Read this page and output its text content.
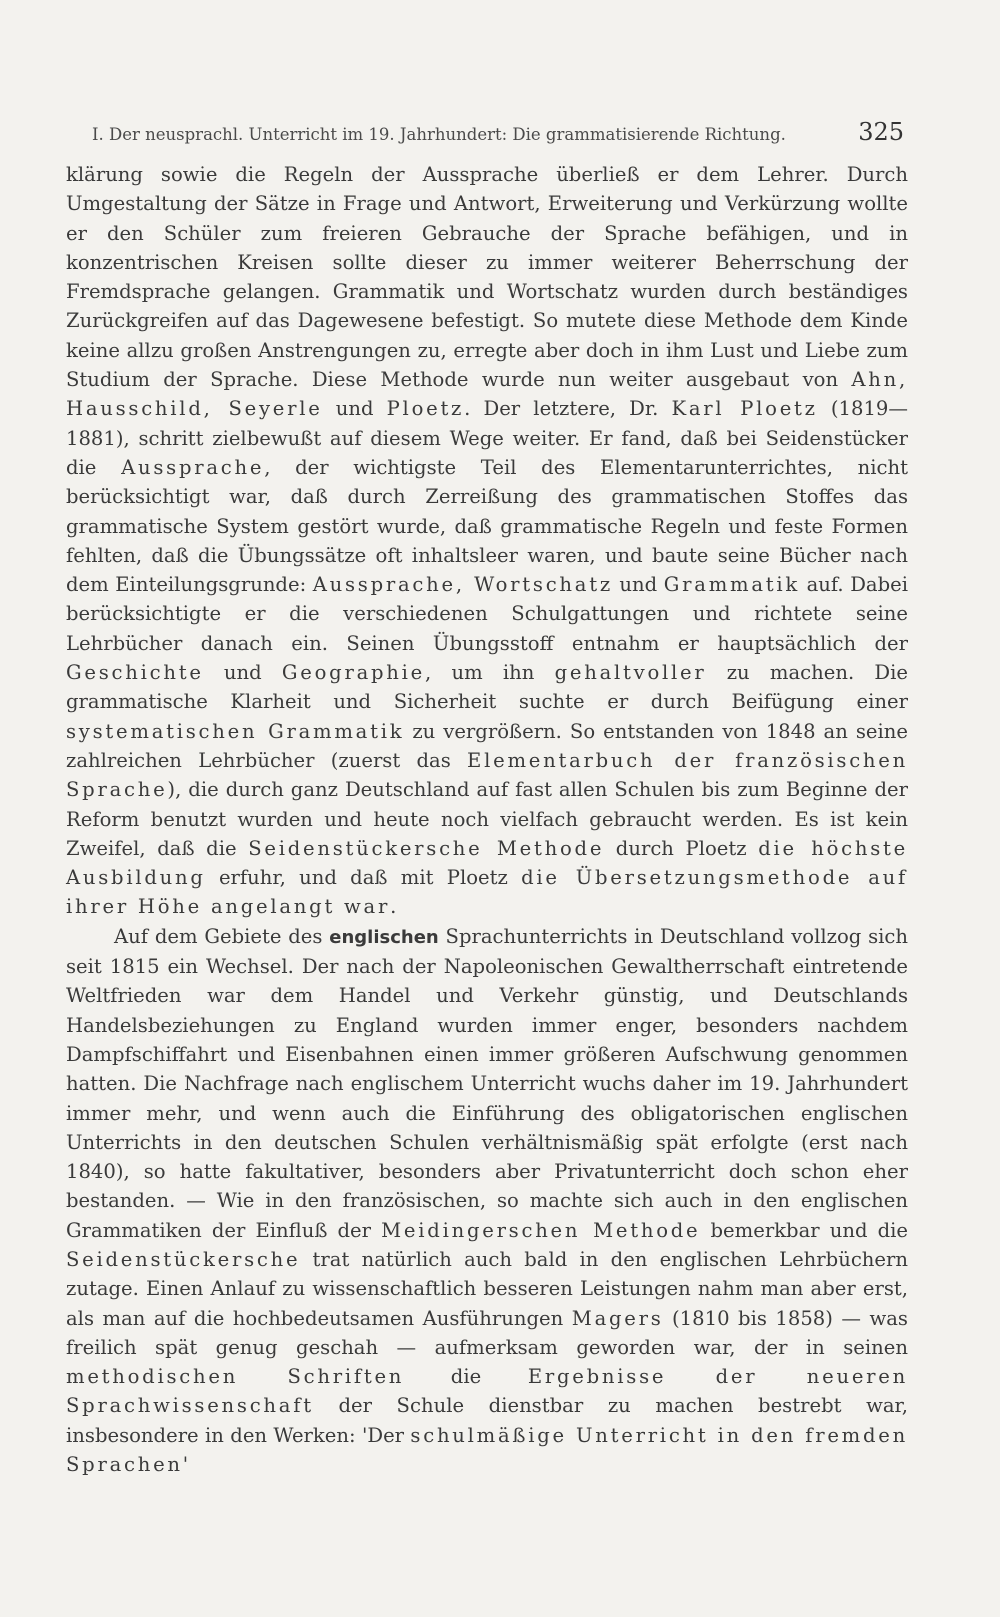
I. Der neusprachl. Unterricht im 19. Jahrhundert: Die grammatisierende Richtung.	325

klärung sowie die Regeln der Aussprache überließ er dem Lehrer. Durch Umgestaltung der Sätze in Frage und Antwort, Erweiterung und Verkürzung wollte er den Schüler zum freieren Gebrauche der Sprache befähigen, und in konzentrischen Kreisen sollte dieser zu immer weiterer Beherrschung der Fremdsprache gelangen. Grammatik und Wortschatz wurden durch beständiges Zurückgreifen auf das Dagewesene befestigt. So mutete diese Methode dem Kinde keine allzu großen Anstrengungen zu, erregte aber doch in ihm Lust und Liebe zum Studium der Sprache. Diese Methode wurde nun weiter ausgebaut von Ahn, Hausschild, Seyerle und Ploetz. Der letztere, Dr. Karl Ploetz (1819—1881), schritt zielbewußt auf diesem Wege weiter. Er fand, daß bei Seidenstücker die Aussprache, der wichtigste Teil des Elementarunterrichtes, nicht berücksichtigt war, daß durch Zerreißung des grammatischen Stoffes das grammatische System gestört wurde, daß grammatische Regeln und feste Formen fehlten, daß die Übungssätze oft inhaltsleer waren, und baute seine Bücher nach dem Einteilungsgrunde: Aussprache, Wortschatz und Grammatik auf. Dabei berücksichtigte er die verschiedenen Schulgattungen und richtete seine Lehrbücher danach ein. Seinen Übungsstoff entnahm er hauptsächlich der Geschichte und Geographie, um ihn gehaltvoller zu machen. Die grammatische Klarheit und Sicherheit suchte er durch Beifügung einer systematischen Grammatik zu vergrößern. So entstanden von 1848 an seine zahlreichen Lehrbücher (zuerst das Elementarbuch der französischen Sprache), die durch ganz Deutschland auf fast allen Schulen bis zum Beginne der Reform benutzt wurden und heute noch vielfach gebraucht werden. Es ist kein Zweifel, daß die Seidenstückersche Methode durch Ploetz die höchste Ausbildung erfuhr, und daß mit Ploetz die Übersetzungsmethode auf ihrer Höhe angelangt war.

Auf dem Gebiete des englischen Sprachunterrichts in Deutschland vollzog sich seit 1815 ein Wechsel. Der nach der Napoleonischen Gewaltherrschaft eintretende Weltfrieden war dem Handel und Verkehr günstig, und Deutschlands Handelsbeziehungen zu England wurden immer enger, besonders nachdem Dampfschiffahrt und Eisenbahnen einen immer größeren Aufschwung genommen hatten. Die Nachfrage nach englischem Unterricht wuchs daher im 19. Jahrhundert immer mehr, und wenn auch die Einführung des obligatorischen englischen Unterrichts in den deutschen Schulen verhältnismäßig spät erfolgte (erst nach 1840), so hatte fakultativer, besonders aber Privatunterricht doch schon eher bestanden. — Wie in den französischen, so machte sich auch in den englischen Grammatiken der Einfluß der Meidingerschen Methode bemerkbar und die Seidenstückersche trat natürlich auch bald in den englischen Lehrbüchern zutage. Einen Anlauf zu wissenschaftlich besseren Leistungen nahm man aber erst, als man auf die hochbedeutsamen Ausführungen Magers (1810 bis 1858) — was freilich spät genug geschah — aufmerksam geworden war, der in seinen methodischen Schriften die Ergebnisse der neueren Sprachwissenschaft der Schule dienstbar zu machen bestrebt war, insbesondere in den Werken: 'Der schulmäßige Unterricht in den fremden Sprachen'
